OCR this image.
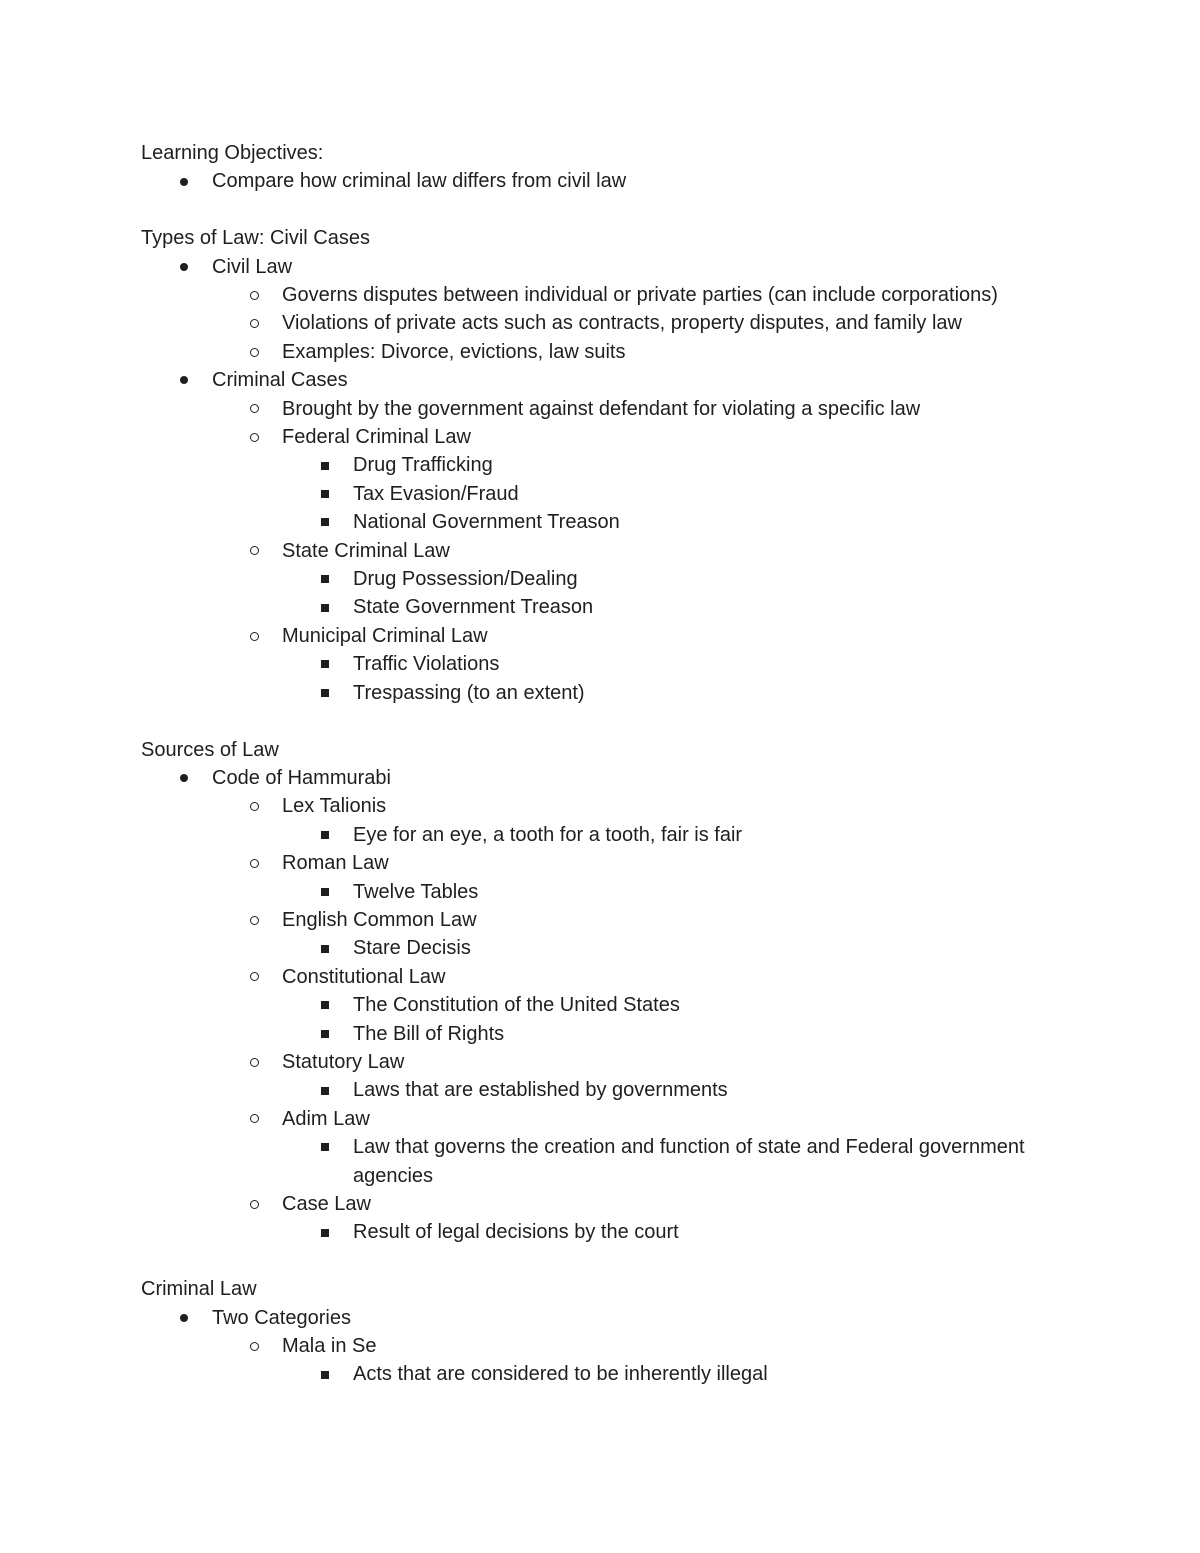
Learning Objectives:
Compare how criminal law differs from civil law
Types of Law: Civil Cases
Civil Law
Governs disputes between individual or private parties (can include corporations)
Violations of private acts such as contracts, property disputes, and family law
Examples: Divorce, evictions, law suits
Criminal Cases
Brought by the government against defendant for violating a specific law
Federal Criminal Law
Drug Trafficking
Tax Evasion/Fraud
National Government Treason
State Criminal Law
Drug Possession/Dealing
State Government Treason
Municipal Criminal Law
Traffic Violations
Trespassing (to an extent)
Sources of Law
Code of Hammurabi
Lex Talionis
Eye for an eye, a tooth for a tooth, fair is fair
Roman Law
Twelve Tables
English Common Law
Stare Decisis
Constitutional Law
The Constitution of the United States
The Bill of Rights
Statutory Law
Laws that are established by governments
Adim Law
Law that governs the creation and function of state and Federal government agencies
Case Law
Result of legal decisions by the court
Criminal Law
Two Categories
Mala in Se
Acts that are considered to be inherently illegal
